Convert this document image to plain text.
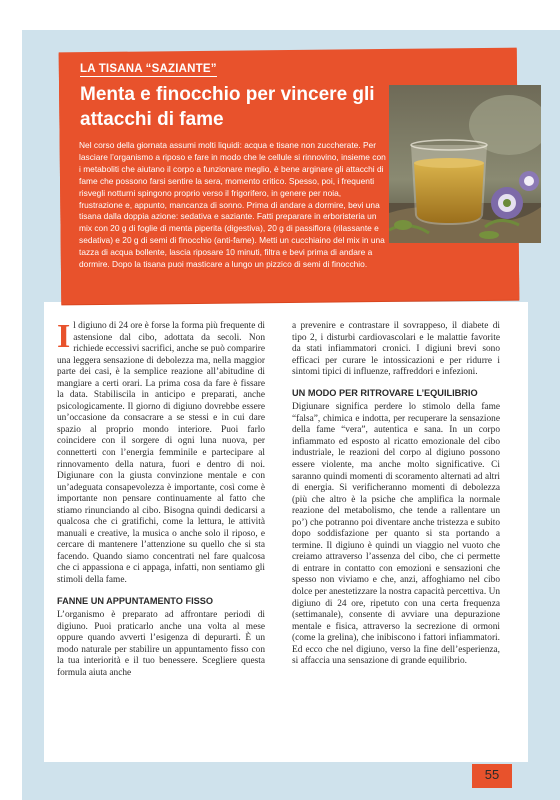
LA TISANA “SAZIANTE”
Menta e finocchio per vincere gli attacchi di fame
Nel corso della giornata assumi molti liquidi: acqua e tisane non zuccherate. Per lasciare l’organismo a riposo e fare in modo che le cellule si rinnovino, insieme con i metaboliti che aiutano il corpo a funzionare meglio, è bene arginare gli attacchi di fame che possono farsi sentire la sera, momento critico. Spesso, poi, i frequenti risvegli notturni spingono proprio verso il frigorifero, in genere per noia, frustrazione e, appunto, mancanza di sonno. Prima di andare a dormire, bevi una tisana dalla doppia azione: sedativa e saziante. Fatti preparare in erboristeria un mix con 20 g di foglie di menta piperita (digestiva), 20 g di passiflora (rilassante e sedativa) e 20 g di semi di finocchio (anti-fame). Metti un cucchiaino del mix in una tazza di acqua bollente, lascia riposare 10 minuti, filtra e bevi prima di andare a dormire. Dopo la tisana puoi masticare a lungo un pizzico di semi di finocchio.

Il digiuno di 24 ore è forse la forma più frequente di astensione dal cibo, adottata da secoli. Non richiede eccessivi sacrifici, anche se può comparire una leggera sensazione di debolezza ma, nella maggior parte dei casi, è la semplice reazione all’abitudine di mangiare a certi orari. La prima cosa da fare è fissare la data. Stabiliscila in anticipo e preparati, anche psicologicamente. Il giorno di digiuno dovrebbe essere un’occasione da consacrare a se stessi e in cui dare spazio al proprio mondo interiore. Puoi farlo coincidere con il sorgere di ogni luna nuova, per connetterti con l’energia femminile e partecipare al rinnovamento della natura, fuori e dentro di noi. Digiunare con la giusta convinzione mentale e con un’adeguata consapevolezza è importante, così come è importante non pensare continuamente al fatto che stiamo rinunciando al cibo. Bisogna quindi dedicarsi a qualcosa che ci gratifichi, come la lettura, le attività manuali e creative, la musica o anche solo il riposo, e cercare di mantenere l’attenzione su quello che si sta facendo. Quando siamo concentrati nel fare qualcosa che ci appassiona e ci appaga, infatti, non sentiamo gli stimoli della fame.

FANNE UN APPUNTAMENTO FISSO

L’organismo è preparato ad affrontare periodi di digiuno. Puoi praticarlo anche una volta al mese oppure quando avverti l’esigenza di depurarti. È un modo naturale per stabilire un appuntamento fisso con la tua interiorità e il tuo benessere. Scegliere questa formula aiuta anche

a prevenire e contrastare il sovrappeso, il diabete di tipo 2, i disturbi cardiovascolari e le malattie favorite da stati infiammatori cronici. I digiuni brevi sono efficaci per curare le intossicazioni e per ridurre i sintomi tipici di influenze, raffreddori e infezioni.

UN MODO PER RITROVARE L’EQUILIBRIO

Digiunare significa perdere lo stimolo della fame “falsa”, chimica e indotta, per recuperare la sensazione della fame “vera”, autentica e sana. In un corpo infiammato ed esposto al ricatto emozionale del cibo industriale, le reazioni del corpo al digiuno possono essere violente, ma anche molto significative. Ci saranno quindi momenti di scoramento alternati ad altri di energia. Si verificheranno momenti di debolezza (più che altro è la psiche che amplifica la normale reazione del metabolismo, che tende a rallentare un po’) che potranno poi diventare anche tristezza e subito dopo soddisfazione per quanto si sta portando a termine. Il digiuno è quindi un viaggio nel vuoto che creiamo attraverso l’assenza del cibo, che ci permette di entrare in contatto con emozioni e sensazioni che spesso non viviamo e che, anzi, affoghiamo nel cibo dolce per anestetizzare la nostra capacità percettiva. Un digiuno di 24 ore, ripetuto con una certa frequenza (settimanale), consente di avviare una depurazione mentale e fisica, attraverso la secrezione di ormoni (come la grelina), che inibiscono i fattori infiammatori. Ed ecco che nel digiuno, verso la fine dell’esperienza, si affaccia una sensazione di grande equilibrio.

55
